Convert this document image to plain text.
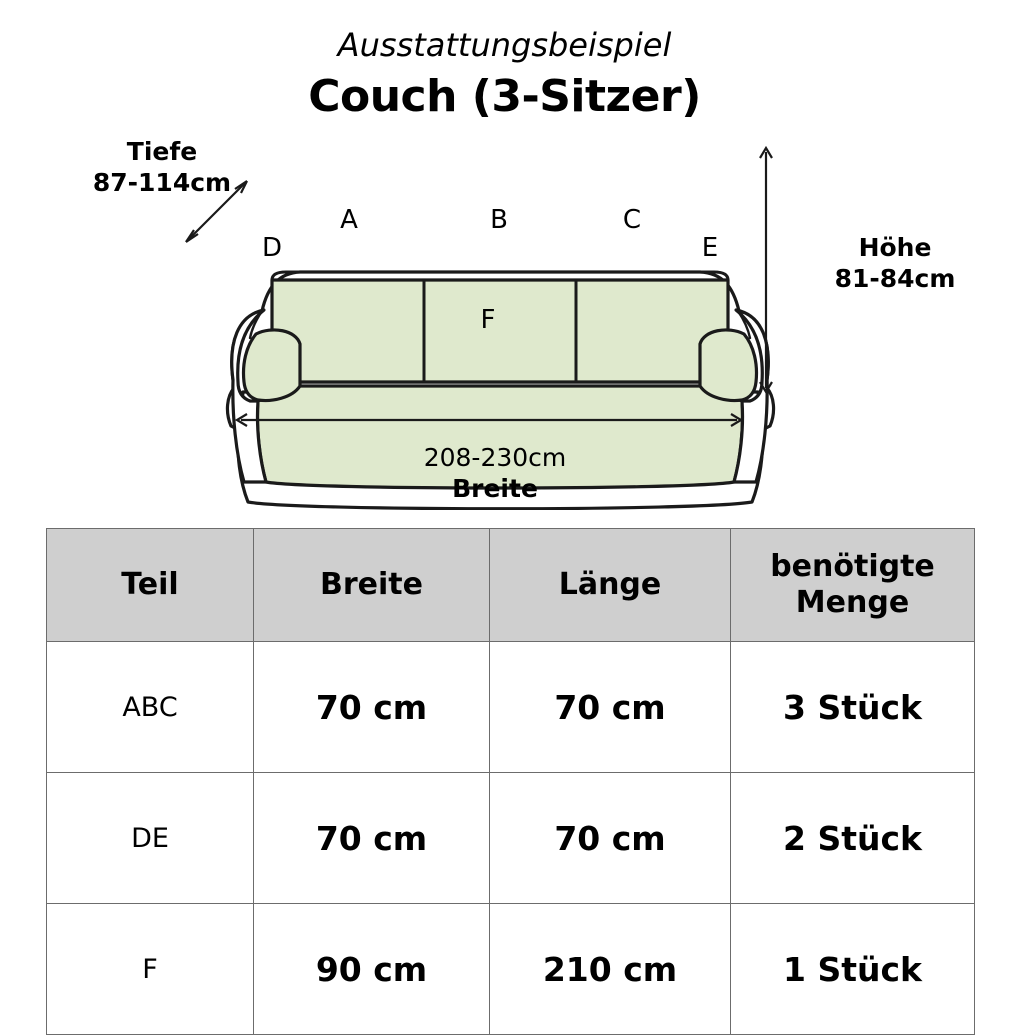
Ausstattungsbeispiel
Couch (3-Sitzer)
A	B	C
D	E
F
Tiefe
87-114cm
Höhe
81-84cm
208-230cm
Breite
Teil	Breite	Länge	benötigte Menge
ABC	70 cm	70 cm	3 Stück
DE	70 cm	70 cm	2 Stück
F	90 cm	210 cm	1 Stück
